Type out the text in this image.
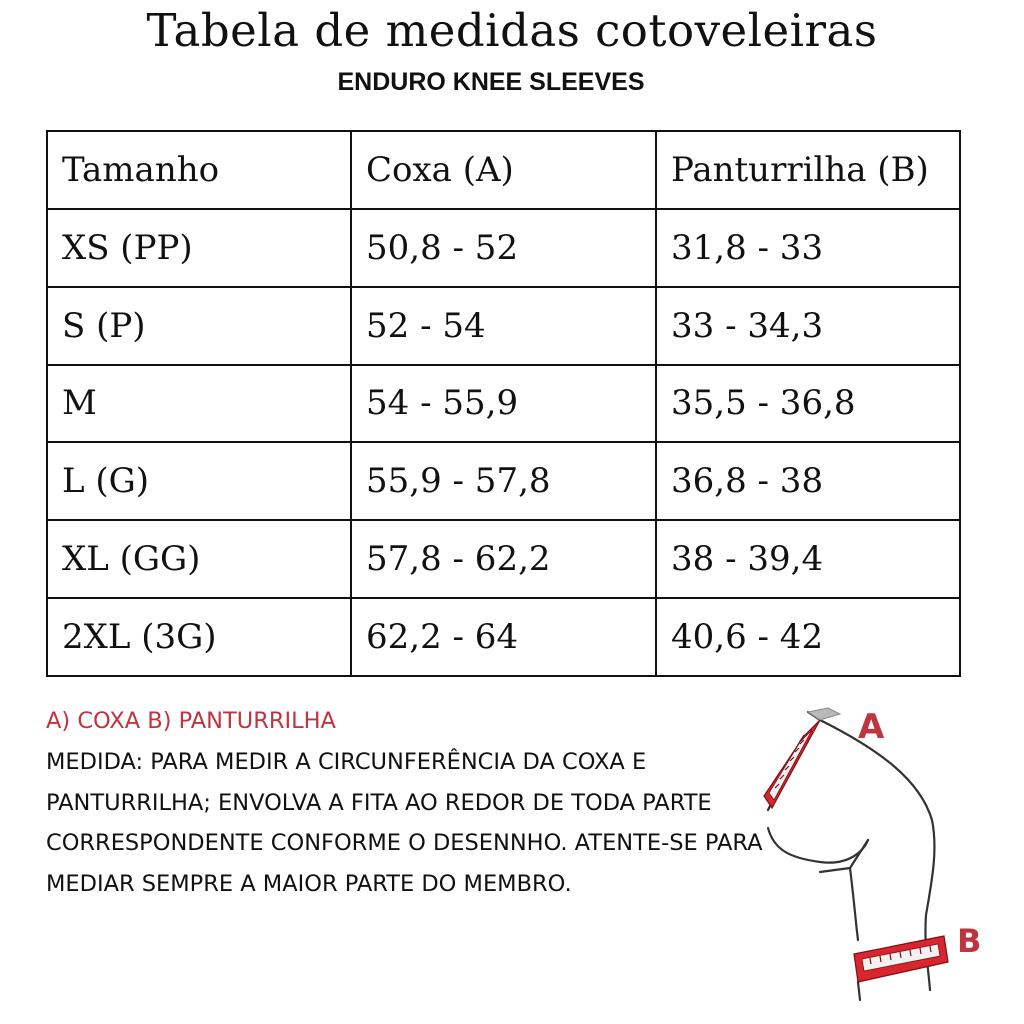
Tabela de medidas cotoveleiras
ENDURO KNEE SLEEVES
Tamanho	Coxa (A)	Panturrilha (B)
XS (PP)	50,8 - 52	31,8 - 33
S (P)	52 - 54	33 - 34,3
M	54 - 55,9	35,5 - 36,8
L (G)	55,9 - 57,8	36,8 - 38
XL (GG)	57,8 - 62,2	38 - 39,4
2XL (3G)	62,2 - 64	40,6 - 42
A) COXA B) PANTURRILHA
MEDIDA: PARA MEDIR A CIRCUNFERÊNCIA DA COXA E PANTURRILHA; ENVOLVA A FITA AO REDOR DE TODA PARTE CORRESPONDENTE CONFORME O DESENNHO. ATENTE-SE PARA MEDIAR SEMPRE A MAIOR PARTE DO MEMBRO.
A
B
